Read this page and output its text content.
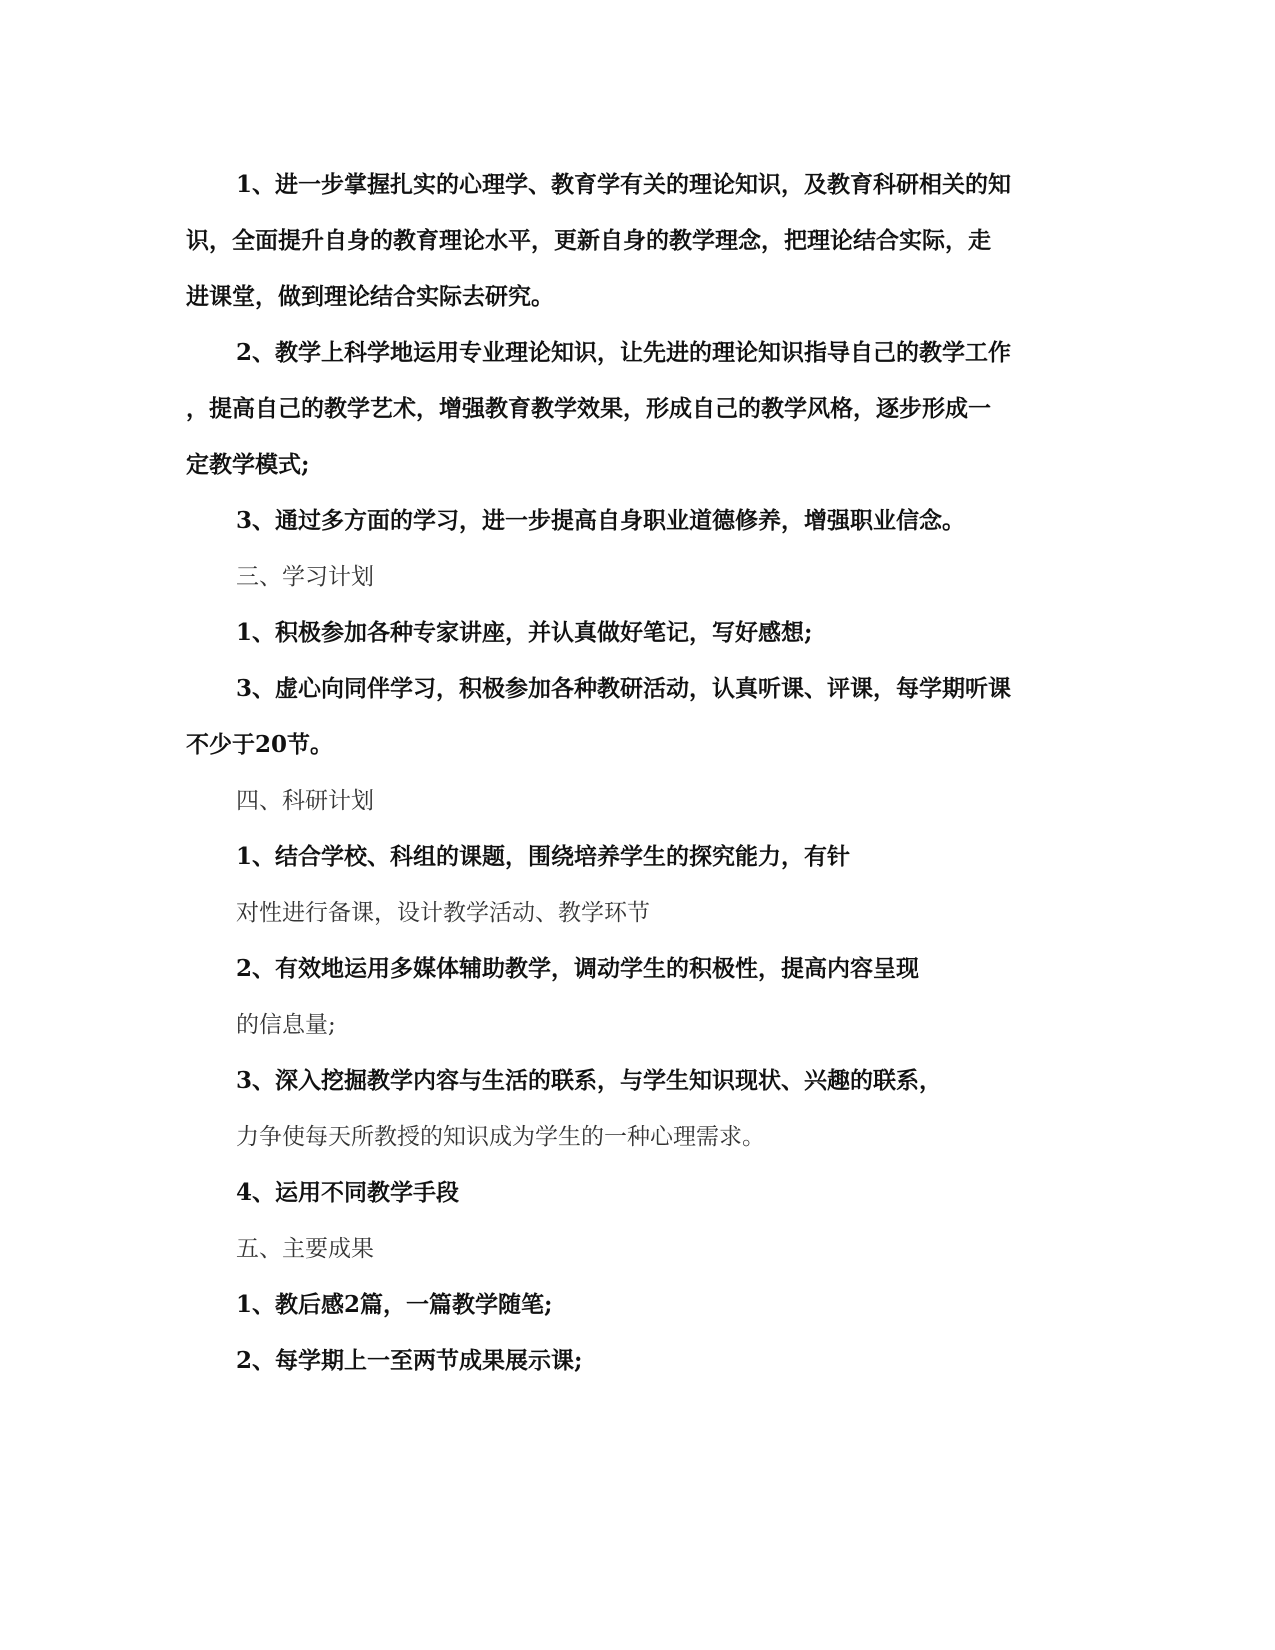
1、进一步掌握扎实的心理学、教育学有关的理论知识，及教育科研相关的知
识，全面提升自身的教育理论水平，更新自身的教学理念，把理论结合实际，走
进课堂，做到理论结合实际去研究。
2、教学上科学地运用专业理论知识，让先进的理论知识指导自己的教学工作
，提高自己的教学艺术，增强教育教学效果，形成自己的教学风格，逐步形成一
定教学模式;
3、通过多方面的学习，进一步提高自身职业道德修养，增强职业信念。
三、学习计划
1、积极参加各种专家讲座，并认真做好笔记，写好感想;
3、虚心向同伴学习，积极参加各种教研活动，认真听课、评课，每学期听课
不少于20节。
四、科研计划
1、结合学校、科组的课题，围绕培养学生的探究能力，有针
对性进行备课，设计教学活动、教学环节
2、有效地运用多媒体辅助教学，调动学生的积极性，提高内容呈现
的信息量;
3、深入挖掘教学内容与生活的联系，与学生知识现状、兴趣的联系，
力争使每天所教授的知识成为学生的一种心理需求。
4、运用不同教学手段
五、主要成果
1、教后感2篇，一篇教学随笔;
2、每学期上一至两节成果展示课;
